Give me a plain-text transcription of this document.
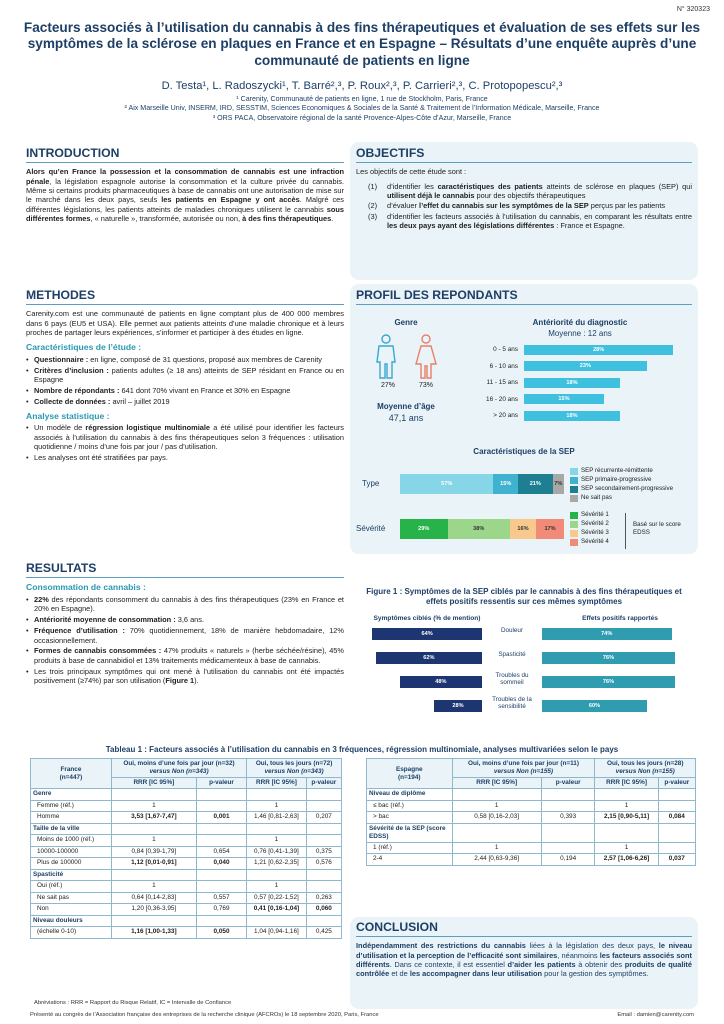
N° 320323
Facteurs associés à l’utilisation du cannabis à des fins thérapeutiques et évaluation de ses effets sur les symptômes de la sclérose en plaques en France et en Espagne – Résultats d’une enquête auprès d’une communauté de patients en ligne
D. Testa¹, L. Radoszycki¹, T. Barré²,³, P. Roux²,³, P. Carrieri²,³, C. Protopopescu²,³
¹ Carenity, Communauté de patients en ligne, 1 rue de Stockholm, Paris, France
² Aix Marseille Univ, INSERM, IRD, SESSTIM, Sciences Economiques & Sociales de la Santé & Traitement de l’Information Médicale, Marseille, France
³ ORS PACA, Observatoire régional de la santé Provence-Alpes-Côte d’Azur, Marseille, France
INTRODUCTION
Alors qu’en France la possession et la consommation de cannabis est une infraction pénale, la législation espagnole autorise la consommation et la culture privée du cannabis. Même si certains produits pharmaceutiques à base de cannabis ont une autorisation de mise sur le marché dans les deux pays, seuls les patients en Espagne y ont accès. Malgré ces différentes législations, les patients atteints de maladies chroniques utilisent le cannabis sous différentes formes, « naturelle », transformée, autorisée ou non, à des fins thérapeutiques.
OBJECTIFS
Les objectifs de cette étude sont :
(1)	d’identifier les caractéristiques des patients atteints de sclérose en plaques (SEP) qui utilisent déjà le cannabis pour des objectifs thérapeutiques
(2)	d’évaluer l’effet du cannabis sur les symptômes de la SEP perçus par les patients
(3)	d’identifier les facteurs associés à l’utilisation du cannabis, en comparant les résultats entre les deux pays ayant des législations différentes : France et Espagne.
METHODES
Carenity.com est une communauté de patients en ligne comptant plus de 400 000 membres dans 6 pays (EU5 et USA). Elle permet aux patients atteints d’une maladie chronique et à leurs proches de partager leurs expériences, s’informer et participer à des études en ligne.
Caractéristiques de l’étude :
• Questionnaire : en ligne, composé de 31 questions, proposé aux membres de Carenity
• Critères d’inclusion : patients adultes (≥ 18 ans) atteints de SEP résidant en France ou en Espagne
• Nombre de répondants : 641 dont 70% vivant en France et 30% en Espagne
• Collecte de données : avril – juillet 2019
Analyse statistique :
• Un modèle de régression logistique multinomiale a été utilisé pour identifier les facteurs associés à l’utilisation du cannabis à des fins thérapeutiques selon 3 fréquences : utilisation quotidienne / moins d’une fois par jour / pas d’utilisation.
• Les analyses ont été stratifiées par pays.
PROFIL DES REPONDANTS
Genre
27%	73%
Moyenne d’âge
47,1 ans
Antériorité du diagnostic
Moyenne : 12 ans
0 - 5 ans	28%
6 - 10 ans	23%
11 - 15 ans	18%
16 - 20 ans	15%
> 20 ans	18%
Caractéristiques de la SEP
Type
Sévérité
57%	15%	21%	7%
29%	38%	16%	17%
SEP récurrente-rémittente
SEP primaire-progressive
SEP secondairement-progressive
Ne sait pas
Sévérité 1
Sévérité 2
Sévérité 3
Sévérité 4
Basé sur le score EDSS
RESULTATS
Consommation de cannabis :
• 22% des répondants consomment du cannabis à des fins thérapeutiques (23% en France et 20% en Espagne).
• Antériorité moyenne de consommation : 3,6 ans.
• Fréquence d’utilisation : 70% quotidiennement, 18% de manière hebdomadaire, 12% occasionnellement.
• Formes de cannabis consommées : 47% produits « naturels » (herbe séchée/résine), 45% produits à base de cannabidiol et 13% traitements médicamenteux à base de cannabis.
• Les trois principaux symptômes qui ont mené à l’utilisation du cannabis ont été impactés positivement (≥74%) par son utilisation (Figure 1).
Figure 1 : Symptômes de la SEP ciblés par le cannabis à des fins thérapeutiques et effets positifs ressentis sur ces mêmes symptômes
Symptômes ciblés (% de mention)	Effets positifs rapportés
64%	74%
Douleur
62%	76%
Spasticité
48%	76%
Troubles du sommeil
28%	60%
Troubles de la sensibilité
Tableau 1 : Facteurs associés à l’utilisation du cannabis en 3 fréquences, régression multinomiale, analyses multivariées selon le pays
France
(n=447)	Oui, moins d’une fois par jour (n=32)
versus Non (n=343)		Oui, tous les jours (n=72)
versus Non (n=343)	
	RRR [IC 95%]	p-valeur	RRR [IC 95%]	p-valeur
Genre				
Femme (réf.)	1		1	
Homme	3,53 [1,67-7,47]	0,001	1,46 [0,81-2,63]	0,207
Taille de la ville				
Moins de 1000 (réf.)	1		1	
10000-100000	0,84 [0,39-1,79]	0,654	0,76 [0,41-1,39]	0,375
Plus de 100000	1,12 [0,01-0,91]	0,040	1,21 [0,62-2,35]	0,576
Spasticité				
Oui (réf.)	1		1	
Ne sait pas	0,64 [0,14-2,83]	0,557	0,57 [0,22-1,52]	0,263
Non	1,20 [0,36-3,95]	0,769	0,41 [0,16-1,04]	0,060
Niveau douleurs				
(échelle 0-10)	1,16 [1,00-1,33]	0,050	1,04 [0,94-1,16]	0,425
Espagne
(n=194)	Oui, moins d’une fois par jour (n=11)
versus Non (n=155)		Oui, tous les jours (n=28)
versus Non (n=155)	
	RRR [IC 95%]	p-valeur	RRR [IC 95%]	p-valeur
Niveau de diplôme				
≤ bac (réf.)	1		1	
> bac	0,58 [0,16-2,03]	0,393	2,15 [0,90-5,11]	0,084
Sévérité de la SEP (score EDSS)				
1 (réf.)	1		1	
2-4	2,44 [0,63-9,36]	0,194	2,57 [1,06-6,26]	0,037
Abréviations : RRR = Rapport du Risque Relatif, IC = Intervalle de Confiance
CONCLUSION
Indépendamment des restrictions du cannabis liées à la législation des deux pays, le niveau d’utilisation et la perception de l’efficacité sont similaires, néanmoins les facteurs associés sont différents. Dans ce contexte, il est essentiel d’aider les patients à obtenir des produits de qualité contrôlée et de les accompagner dans leur utilisation pour la gestion des symptômes.
Présenté au congrès de l’Association française des entreprises de la recherche clinique (AFCROs) le 18 septembre 2020, Paris, France	Email : damien@carenity.com
